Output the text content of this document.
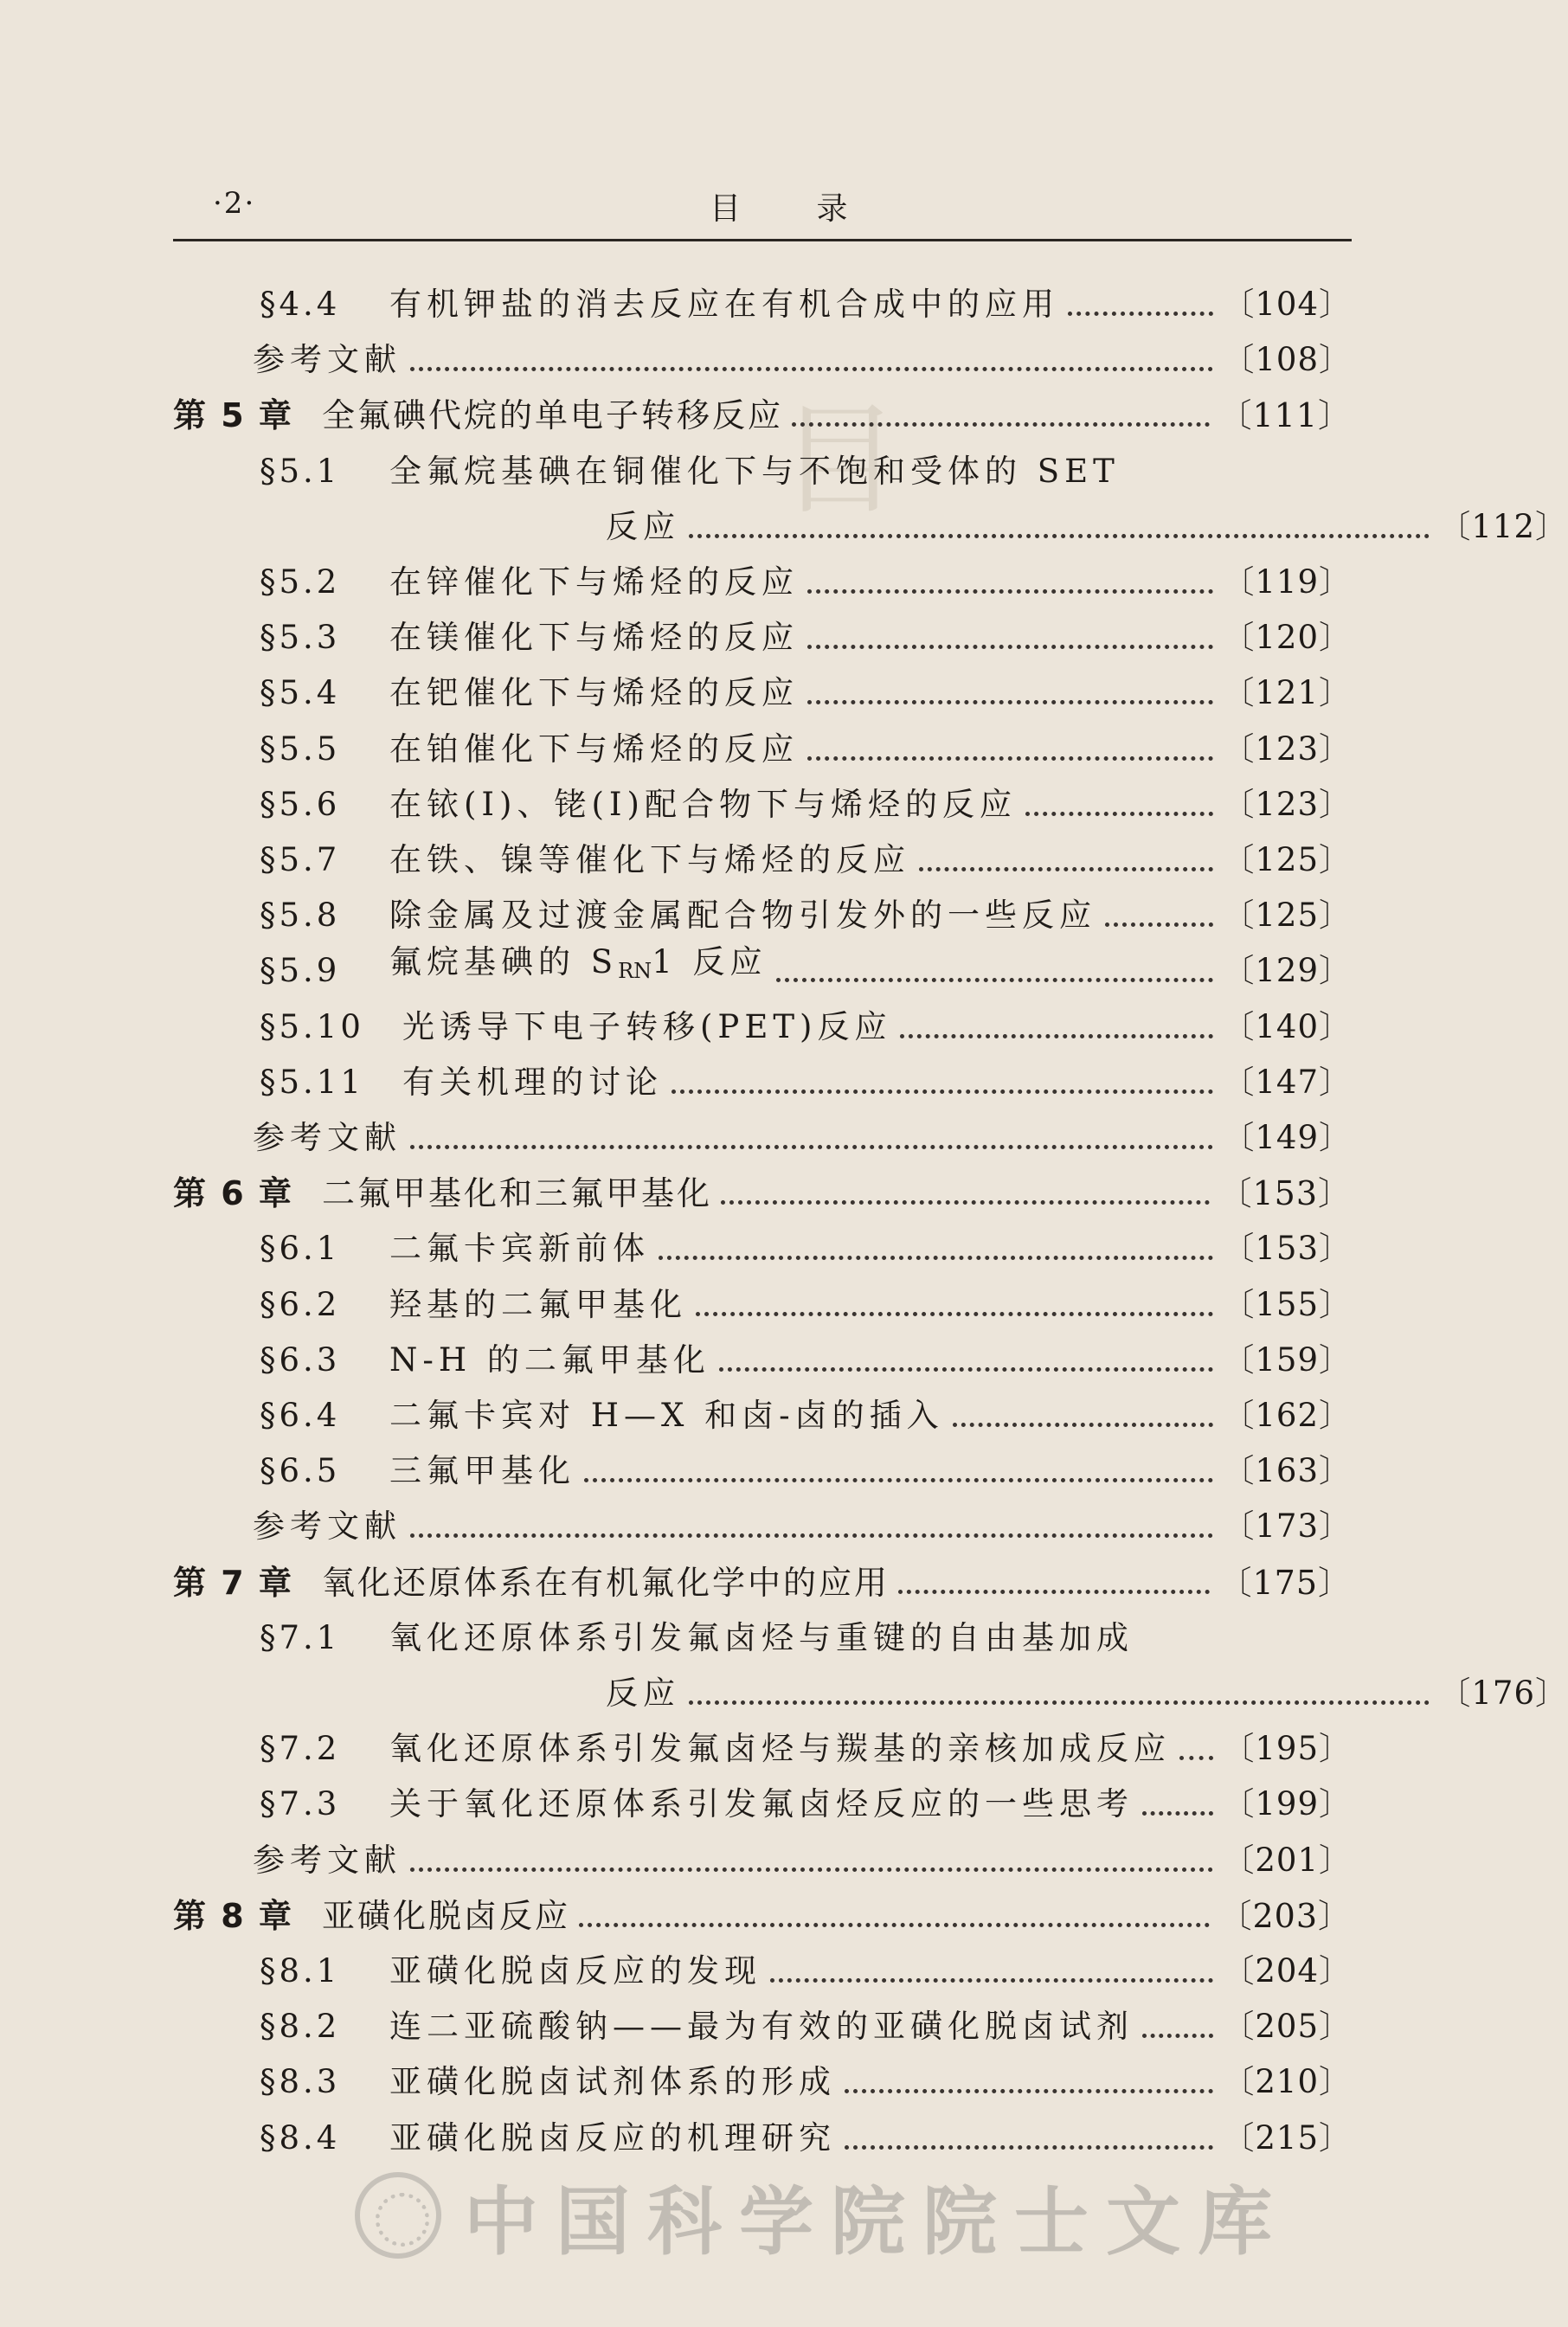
目
·2·	目 录
§4.4	有机钾盐的消去反应在有机合成中的应用	〔104〕
参考文献	〔108〕
第 5 章 全氟碘代烷的单电子转移反应	〔111〕
§5.1	全氟烷基碘在铜催化下与不饱和受体的 SET
反应	〔112〕
§5.2	在锌催化下与烯烃的反应	〔119〕
§5.3	在镁催化下与烯烃的反应	〔120〕
§5.4	在钯催化下与烯烃的反应	〔121〕
§5.5	在铂催化下与烯烃的反应	〔123〕
§5.6	在铱(I)、铑(I)配合物下与烯烃的反应	〔123〕
§5.7	在铁、镍等催化下与烯烃的反应	〔125〕
§5.8	除金属及过渡金属配合物引发外的一些反应	〔125〕
§5.9	氟烷基碘的 $S_{RN}1$ 反应	〔129〕
§5.10	光诱导下电子转移(PET)反应	〔140〕
§5.11	有关机理的讨论	〔147〕
参考文献	〔149〕
第 6 章 二氟甲基化和三氟甲基化	〔153〕
§6.1	二氟卡宾新前体	〔153〕
§6.2	羟基的二氟甲基化	〔155〕
§6.3	N-H 的二氟甲基化	〔159〕
§6.4	二氟卡宾对 H—X 和卤-卤的插入	〔162〕
§6.5	三氟甲基化	〔163〕
参考文献	〔173〕
第 7 章 氧化还原体系在有机氟化学中的应用	〔175〕
§7.1	氧化还原体系引发氟卤烃与重键的自由基加成
反应	〔176〕
§7.2	氧化还原体系引发氟卤烃与羰基的亲核加成反应 〔195〕
§7.3	关于氧化还原体系引发氟卤烃反应的一些思考	〔199〕
参考文献	〔201〕
第 8 章 亚磺化脱卤反应	〔203〕
§8.1	亚磺化脱卤反应的发现	〔204〕
§8.2	连二亚硫酸钠——最为有效的亚磺化脱卤试剂	〔205〕
§8.3	亚磺化脱卤试剂体系的形成	〔210〕
§8.4	亚磺化脱卤反应的机理研究	〔215〕
中国科学院院士文库
